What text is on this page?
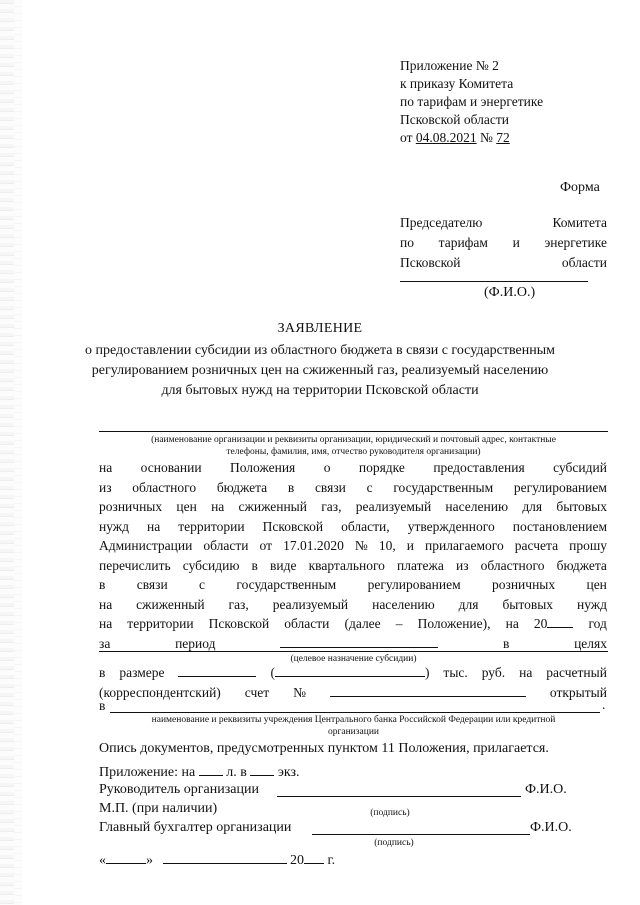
Приложение № 2
к приказу Комитета
по тарифам и энергетике
Псковской области
от 04.08.2021 № 72
Форма
Председателю	Комитета
по тарифам и энергетике
Псковской	области
(Ф.И.О.)
ЗАЯВЛЕНИЕ
о предоставлении субсидии из областного бюджета в связи с государственным
регулированием розничных цен на сжиженный газ, реализуемый населению
для бытовых нужд на территории Псковской области
(наименование организации и реквизиты организации, юридический и почтовый адрес, контактные
телефоны, фамилия, имя, отчество руководителя организации)
на основании Положения о порядке предоставления субсидий
из областного бюджета в связи с государственным регулированием
розничных цен на сжиженный газ, реализуемый населению для бытовых
нужд на территории Псковской области, утвержденного постановлением
Администрации области от 17.01.2020 № 10, и прилагаемого расчета прошу
перечислить субсидию в виде квартального платежа из областного бюджета
в связи с государственным регулированием розничных цен
на сжиженный газ, реализуемый населению для бытовых нужд
на территории Псковской области (далее – Положение), на 20	год
за	период	в	целях
(целевое назначение субсидии)
в размере	(	) тыс. руб. на расчетный
(корреспондентский) счет №	открытый
в	.
наименование и реквизиты учреждения Центрального банка Российской Федерации или кредитной
организации
Опись документов, предусмотренных пунктом 11 Положения, прилагается.
Приложение: на л. в экз.
Руководитель организации	Ф.И.О.
М.П. (при наличии)	(подпись)
Главный бухгалтер организации	Ф.И.О.
(подпись)
«	»	20 г.
